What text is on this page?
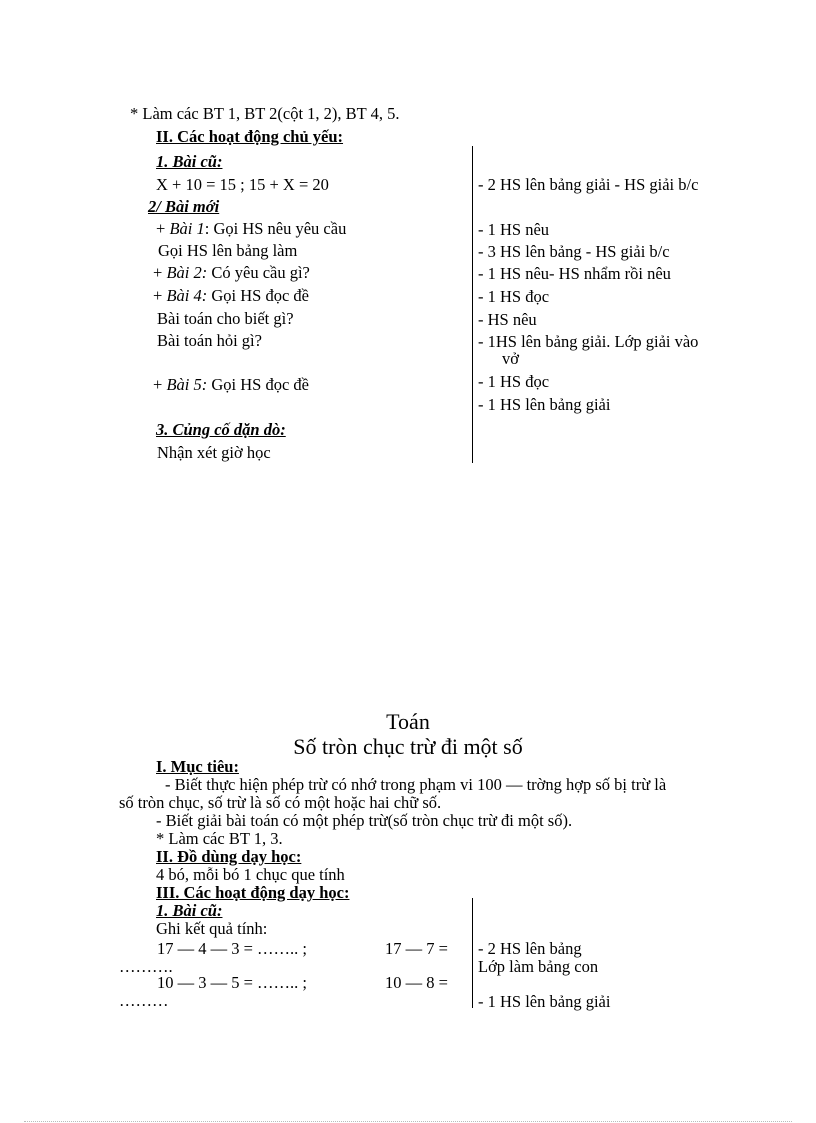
* Làm các BT 1, BT 2(cột 1, 2), BT 4, 5.
II. Các hoạt động chủ yếu:
1. Bài cũ:
X + 10 = 15 ; 15 + X = 20
2/ Bài mới
+ Bài 1: Gọi HS nêu yêu cầu
Gọi HS lên bảng làm
+ Bài 2: Có yêu cầu gì?
+ Bài 4: Gọi HS đọc đề
Bài toán cho biết gì?
Bài toán hỏi gì?
+ Bài 5: Gọi HS đọc đề
3. Củng cố dặn dò:
Nhận xét giờ học
- 2 HS lên bảng giải - HS giải b/c
- 1 HS nêu
- 3 HS lên bảng - HS giải b/c
- 1 HS nêu- HS nhẩm rồi nêu
- 1 HS đọc
- HS nêu
- 1HS lên bảng giải. Lớp giải vào
vở
- 1 HS đọc
- 1 HS lên bảng giải
Toán
Số tròn chục trừ đi một số
I. Mục tiêu:
- Biết thực hiện phép trừ có nhớ trong phạm vi 100 — trờng hợp số bị trừ là
số tròn chục, số trừ là số có một hoặc hai chữ số.
- Biết giải bài toán có một phép trừ(số tròn chục trừ đi một số).
* Làm các BT 1, 3.
II. Đồ dùng dạy học:
4 bó, mỗi bó 1 chục que tính
III. Các hoạt động dạy học:
1. Bài cũ:
Ghi kết quả tính:
17 — 4 — 3 = …….. ;	17 — 7 =
……….
10 — 3 — 5 = …….. ;	10 — 8 =
………
- 2 HS lên bảng
Lớp làm bảng con
- 1 HS lên bảng giải
